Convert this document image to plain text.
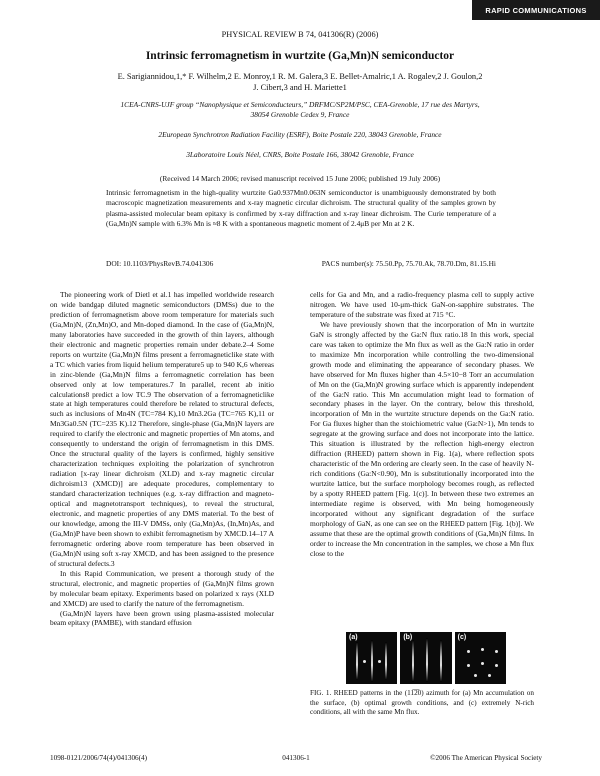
RAPID COMMUNICATIONS
PHYSICAL REVIEW B 74, 041306(R) (2006)
Intrinsic ferromagnetism in wurtzite (Ga,Mn)N semiconductor
E. Sarigiannidou,1,* F. Wilhelm,2 E. Monroy,1 R. M. Galera,3 E. Bellet-Amalric,1 A. Rogalev,2 J. Goulon,2
J. Cibert,3 and H. Mariette1
1CEA-CNRS-UJF group “Nanophysique et Semiconducteurs,” DRFMC/SP2M/PSC, CEA-Grenoble, 17 rue des Martyrs,
38054 Grenoble Cedex 9, France
2European Synchrotron Radiation Facility (ESRF), Boite Postale 220, 38043 Grenoble, France
3Laboratoire Louis Néel, CNRS, Boite Postale 166, 38042 Grenoble, France
(Received 14 March 2006; revised manuscript received 15 June 2006; published 19 July 2006)
Intrinsic ferromagnetism in the high-quality wurtzite Ga0.937Mn0.063N semiconductor is unambiguously demonstrated by both macroscopic magnetization measurements and x-ray magnetic circular dichroism. The structural quality of the samples grown by plasma-assisted molecular beam epitaxy is confirmed by x-ray diffraction and x-ray linear dichroism. The Curie temperature of a (Ga,Mn)N sample with 6.3% Mn is ≈8 K with a spontaneous magnetic moment of 2.4μB per Mn at 2 K.
DOI: 10.1103/PhysRevB.74.041306	PACS number(s): 75.50.Pp, 75.70.Ak, 78.70.Dm, 81.15.Hi

The pioneering work of Dietl et al.1 has impelled worldwide research on wide bandgap diluted magnetic semiconductors (DMSs) due to the prediction of ferromagnetism above room temperature for materials such (Ga,Mn)N, (Zn,Mn)O, and Mn-doped diamond. In the case of (Ga,Mn)N, many laboratories have succeeded in the growth of thin layers, although their electronic and magnetic properties remain under debate.2–4 Some reports on wurtzite (Ga,Mn)N films present a ferromagneticlike state with a TC which varies from liquid helium temperature5 up to 940 K,6 whereas in zinc-blende (Ga,Mn)N films a ferromagnetic correlation has been observed only at low temperatures.7 In parallel, recent ab initio calculations8 predict a low TC.9 The observation of a ferromagneticlike state at high temperatures could therefore be related to structural defects, such as inclusions of Mn4N (TC=784 K),10 Mn3.2Ga (TC=765 K),11 or Mn3Ga0.5N (TC=235 K).12 Therefore, single-phase (Ga,Mn)N layers are required to clarify the electronic and magnetic properties of Mn atoms, and consequently to understand the origin of ferromagnetism in this DMS. Once the structural quality of the layers is confirmed, highly sensitive characterization techniques exploiting the polarization of synchrotron radiation [x-ray linear dichroism (XLD) and x-ray magnetic circular dichroism13 (XMCD)] are adequate procedures, complementary to standard characterization techniques (e.g. x-ray diffraction and magneto-optical and magnetotransport techniques), to reveal the structural, electronic, and magnetic properties of any DMS material. To the best of our knowledge, among the III-V DMSs, only (Ga,Mn)As, (In,Mn)As, and (Ga,Mn)P have been shown to exhibit ferromagnetism by XMCD.14–17 A ferromagnetic ordering above room temperature has been observed in (Ga,Mn)N using soft x-ray XMCD, and has been assigned to the presence of structural defects.3

In this Rapid Communication, we present a thorough study of the structural, electronic, and magnetic properties of (Ga,Mn)N films grown by molecular beam epitaxy. Experiments based on polarized x rays (XLD and XMCD) are used to clarify the nature of the ferromagnetism.

(Ga,Mn)N layers have been grown using plasma-assisted molecular beam epitaxy (PAMBE), with standard effusion

cells for Ga and Mn, and a radio-frequency plasma cell to supply active nitrogen. We have used 10-μm-thick GaN-on-sapphire substrates. The temperature of the substrate was fixed at 715 °C.

We have previously shown that the incorporation of Mn in wurtzite GaN is strongly affected by the Ga:N flux ratio.18 In this work, special care was taken to optimize the Mn flux as well as the Ga:N ratio in order to maximize Mn incorporation while controlling the two-dimensional growth mode and eliminating the appearance of secondary phases. We have observed for Mn fluxes higher than 4.5×10−8 Torr an accumulation of Mn on the (Ga,Mn)N growing surface which is apparently independent of the Ga:N ratio. This Mn accumulation might lead to formation of secondary phases in the layer. On the contrary, below this threshold, incorporation of Mn in the wurtzite structure depends on the Ga:N ratio. For Ga fluxes higher than the stoichiometric value (Ga:N>1), Mn tends to segregate at the growing surface and does not incorporate into the lattice. This situation is illustrated by the reflection high-energy electron diffraction (RHEED) pattern shown in Fig. 1(a), where reflection spots characteristic of the Mn ordering are clearly seen. In the case of heavily N-rich conditions (Ga:N<0.90), Mn is substitutionally incorporated into the wurtzite lattice, but the surface morphology becomes rough, as reflected by a spotty RHEED pattern [Fig. 1(c)]. In between these two extremes an intermediate regime is observed, with Mn being homogeneously incorporated without any significant degradation of the surface morphology of GaN, as one can see on the RHEED pattern [Fig. 1(b)]. We assume that these are the optimal growth conditions of (Ga,Mn)N films. In order to increase the Mn concentration in the samples, we chose a Mn flux close to the

(a)	(b)	(c)
FIG. 1. RHEED patterns in the (11̅2̅0) azimuth for (a) Mn accumulation on the surface, (b) optimal growth conditions, and (c) extremely N-rich conditions, all with the same Mn flux.
1098-0121/2006/74(4)/041306(4)	041306-1	©2006 The American Physical Society
